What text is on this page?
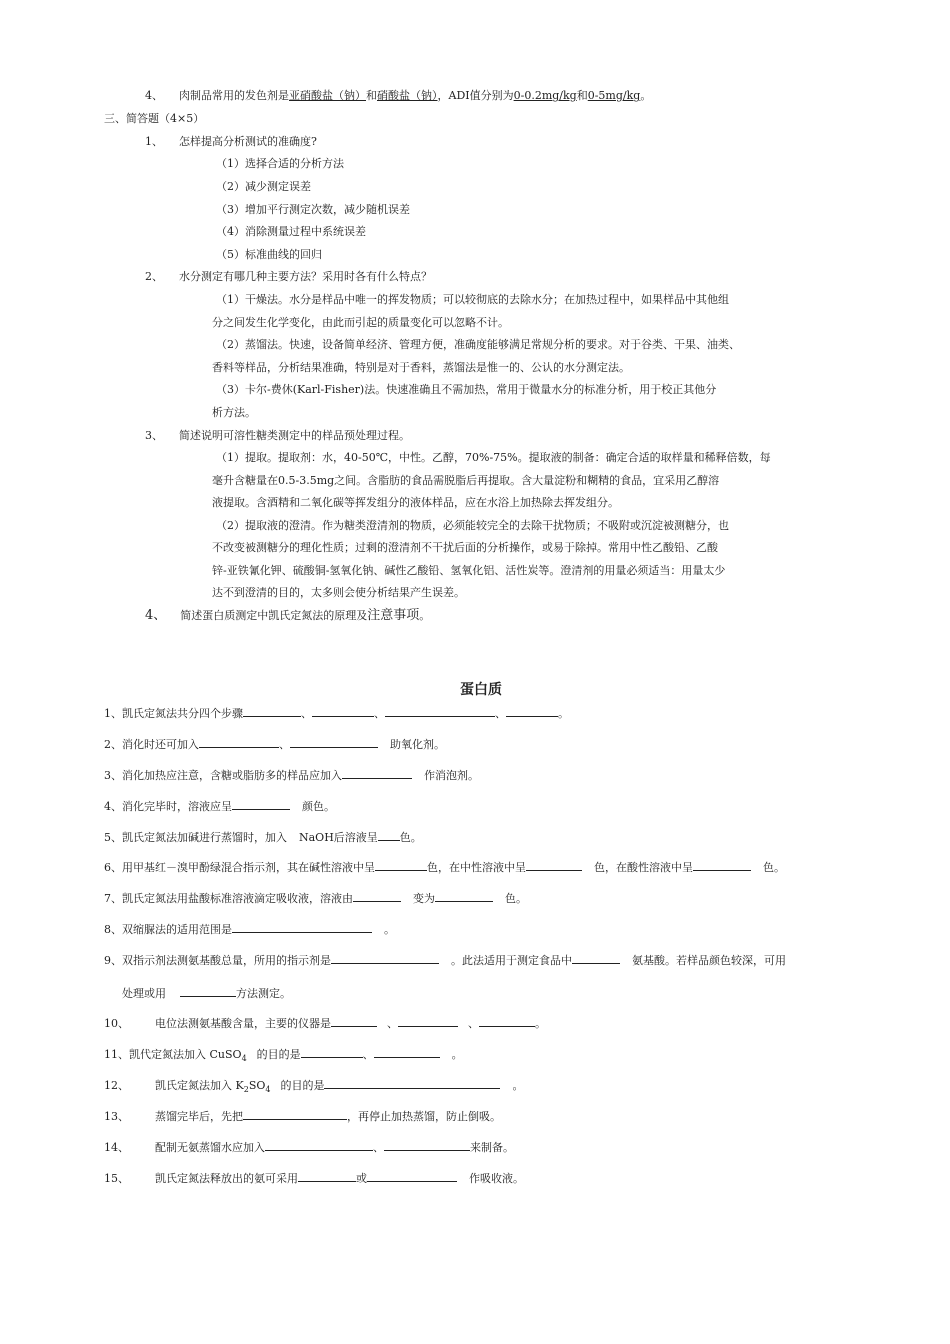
4、 肉制品常用的发色剂是亚硝酸盐（钠）和硝酸盐（钠），ADI值分别为0-0.2mg/kg和0-5mg/kg。
三、简答题（4×5）
1、 怎样提高分析测试的准确度?
（1）选择合适的分析方法
（2）减少测定误差
（3）增加平行测定次数，减少随机误差
（4）消除测量过程中系统误差
（5）标准曲线的回归
2、 水分测定有哪几种主要方法？采用时各有什么特点？
（1）干燥法。水分是样品中唯一的挥发物质；可以较彻底的去除水分；在加热过程中，如果样品中其他组
分之间发生化学变化，由此而引起的质量变化可以忽略不计。
（2）蒸馏法。快速，设备简单经济、管理方便，准确度能够满足常规分析的要求。对于谷类、干果、油类、
香料等样品，分析结果准确，特别是对于香料，蒸馏法是惟一的、公认的水分测定法。
（3）卡尔-费休(Karl-Fisher)法。快速准确且不需加热，常用于微量水分的标准分析，用于校正其他分
析方法。
3、 简述说明可溶性糖类测定中的样品预处理过程。
（1）提取。提取剂：水，40-50℃，中性。乙醇，70%-75%。提取液的制备：确定合适的取样量和稀释倍数，每
毫升含糖量在0.5-3.5mg之间。含脂肪的食品需脱脂后再提取。含大量淀粉和糊精的食品，宜采用乙醇溶
液提取。含酒精和二氧化碳等挥发组分的液体样品，应在水浴上加热除去挥发组分。
（2）提取液的澄清。作为糖类澄清剂的物质，必须能较完全的去除干扰物质；不吸附或沉淀被测糖分，也
不改变被测糖分的理化性质；过剩的澄清剂不干扰后面的分析操作，或易于除掉。常用中性乙酸铅、乙酸
锌-亚铁氰化钾、硫酸铜-氢氧化钠、碱性乙酸铅、氢氧化铝、活性炭等。澄清剂的用量必须适当：用量太少
达不到澄清的目的，太多则会使分析结果产生误差。
4、 简述蛋白质测定中凯氏定氮法的原理及注意事项。
蛋白质
1、凯氏定氮法共分四个步骤	、	、	、	。
2、消化时还可加入	、	助氧化剂。
3、消化加热应注意，含糖或脂肪多的样品应加入	作消泡剂。
4、消化完毕时，溶液应呈	颜色。
5、凯氏定氮法加碱进行蒸馏时，加入 NaOH后溶液呈 色。
6、用甲基红－溴甲酚绿混合指示剂，其在碱性溶液中呈	色，在中性溶液中呈	色，在酸性溶液中呈	色。
7、凯氏定氮法用盐酸标准溶液滴定吸收液，溶液由	变为	色。
8、双缩脲法的适用范围是	。
9、双指示剂法测氨基酸总量，所用的指示剂是	。此法适用于测定食品中	氨基酸。若样品颜色较深，可用
处理或用	方法测定。
10、 电位法测氨基酸含量，主要的仪器是	、	、	。
11、凯代定氮法加入 CuSO$_4$ 的目的是	、	。
12、 凯氏定氮法加入 $K_2SO_4$ 的目的是	。
13、 蒸馏完毕后，先把	，再停止加热蒸馏，防止倒吸。
14、 配制无氨蒸馏水应加入	、	来制备。
15、 凯氏定氮法释放出的氨可采用	或	作吸收液。
